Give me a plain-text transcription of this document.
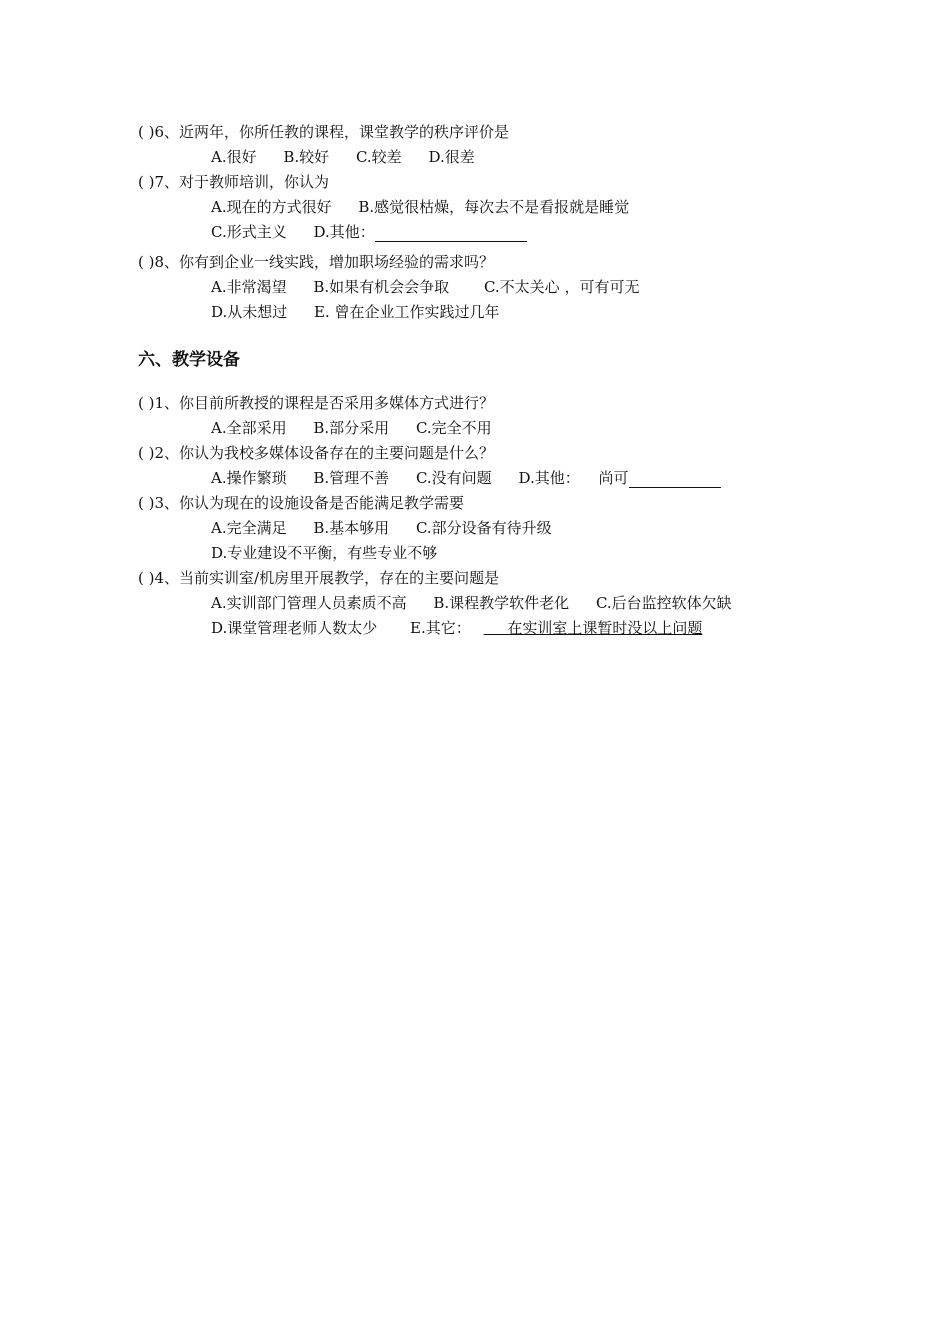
( )6、近两年，你所任教的课程，课堂教学的秩序评价是
A.很好 B.较好 C.较差 D.很差
( )7、对于教师培训，你认为
A.现在的方式很好 B.感觉很枯燥，每次去不是看报就是睡觉
C.形式主义 D.其他：
( )8、你有到企业一线实践，增加职场经验的需求吗？
A.非常渴望 B.如果有机会会争取 C.不太关心 ，可有可无
D.从未想过 E. 曾在企业工作实践过几年
六、教学设备
( )1、你目前所教授的课程是否采用多媒体方式进行？
A.全部采用 B.部分采用 C.完全不用
( )2、你认为我校多媒体设备存在的主要问题是什么？
A.操作繁琐 B.管理不善 C.没有问题 D.其他： 尚可
( )3、你认为现在的设施设备是否能满足教学需要
A.完全满足 B.基本够用 C.部分设备有待升级
D.专业建设不平衡，有些专业不够
( )4、当前实训室/机房里开展教学，存在的主要问题是
A.实训部门管理人员素质不高 B.课程教学软件老化 C.后台监控软体欠缺
D.课堂管理老师人数太少 E.其它：      在实训室上课暂时没以上问题
